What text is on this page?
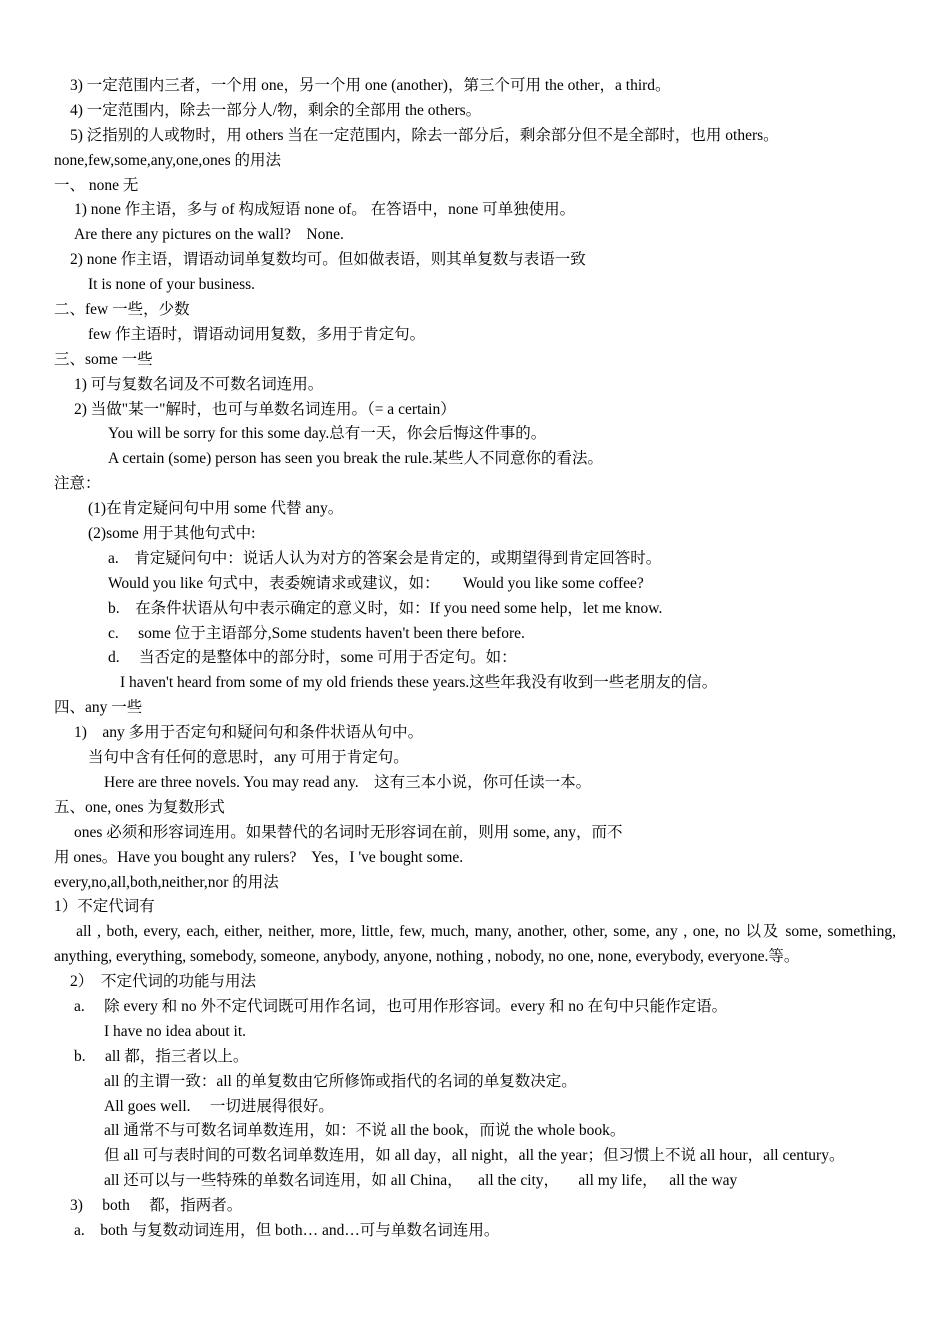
3) 一定范围内三者，一个用 one，另一个用 one (another)，第三个可用 the other，a third。
4) 一定范围内，除去一部分人/物，剩余的全部用 the others。
5) 泛指别的人或物时，用 others 当在一定范围内，除去一部分后，剩余部分但不是全部时，也用 others。
none,few,some,any,one,ones 的用法
一、 none 无
1) none 作主语，多与 of 构成短语 none of。 在答语中，none 可单独使用。
Are there any pictures on the wall?    None.
2) none 作主语，谓语动词单复数均可。但如做表语，则其单复数与表语一致
It is none of your business.
二、few 一些，少数
few 作主语时，谓语动词用复数，多用于肯定句。
三、some 一些
1) 可与复数名词及不可数名词连用。
2) 当做"某一"解时，也可与单数名词连用。（= a certain）
You will be sorry for this some day.总有一天，你会后悔这件事的。
A certain (some) person has seen you break the rule.某些人不同意你的看法。
注意：
(1)在肯定疑问句中用 some 代替 any。
(2)some 用于其他句式中:
a.    肯定疑问句中：说话人认为对方的答案会是肯定的，或期望得到肯定回答时。
Would you like 句式中，表委婉请求或建议，如：      Would you like some coffee?
b.    在条件状语从句中表示确定的意义时，如：If you need some help，let me know.
c.     some 位于主语部分,Some students haven't been there before.
d.     当否定的是整体中的部分时，some 可用于否定句。如：
I haven't heard from some of my old friends these years.这些年我没有收到一些老朋友的信。
四、any 一些
1)    any 多用于否定句和疑问句和条件状语从句中。
当句中含有任何的意思时，any 可用于肯定句。
Here are three novels. You may read any.    这有三本小说，你可任读一本。
五、one, ones 为复数形式
ones 必须和形容词连用。如果替代的名词时无形容词在前，则用 some, any，而不
用 ones。Have you bought any rulers?    Yes，I 've bought some.
every,no,all,both,neither,nor 的用法
1）不定代词有
all , both, every, each, either, neither, more, little, few, much, many, another, other, some, any , one, no 以及 some, something, anything, everything, somebody, someone, anybody, anyone, nothing , nobody, no one, none, everybody, everyone.等。
2）  不定代词的功能与用法
a.     除 every 和 no 外不定代词既可用作名词，也可用作形容词。every 和 no 在句中只能作定语。
I have no idea about it.
b.     all 都，指三者以上。
all 的主谓一致：all 的单复数由它所修饰或指代的名词的单复数决定。
All goes well.     一切进展得很好。
all 通常不与可数名词单数连用，如：不说 all the book，而说 the whole book。
但 all 可与表时间的可数名词单数连用，如 all day，all night，all the year；但习惯上不说 all hour，all century。
all 还可以与一些特殊的单数名词连用，如 all China，    all the city，     all my life，   all the way
3)     both     都，指两者。
a.    both 与复数动词连用，但 both… and…可与单数名词连用。
